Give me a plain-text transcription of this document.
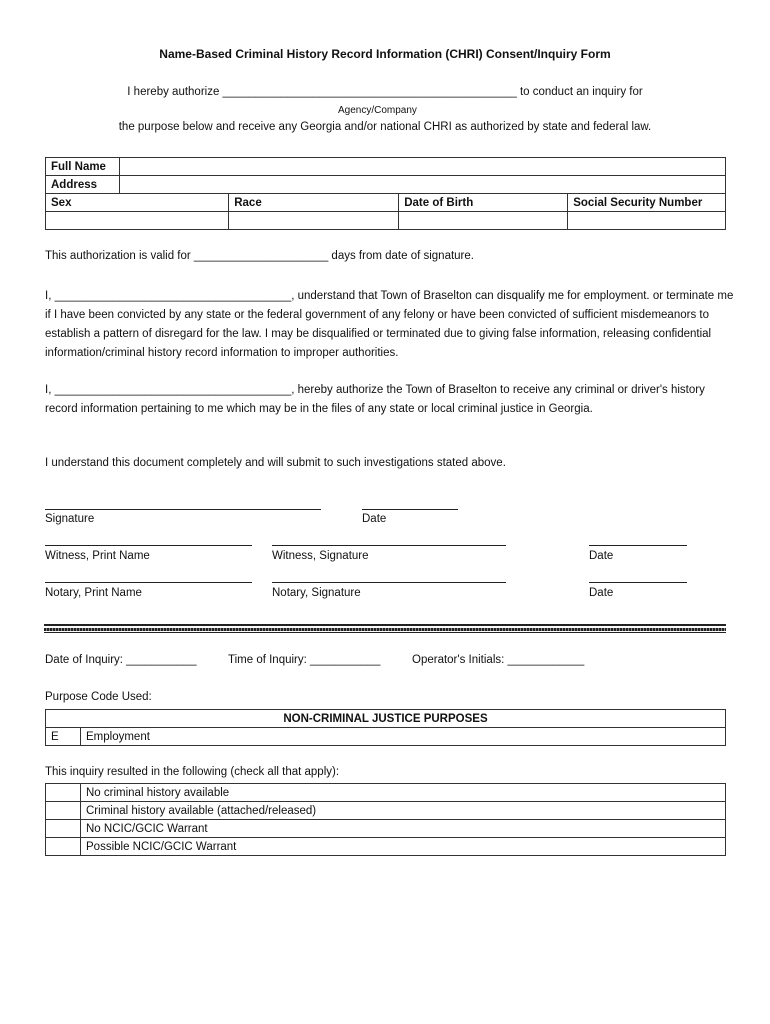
Name-Based Criminal History Record Information (CHRI) Consent/Inquiry Form
I hereby authorize ______________________________________________ to conduct an inquiry for
Agency/Company
the purpose below and receive any Georgia and/or national CHRI as authorized by state and federal law.
Full Name				
Address				
Sex		Race	Date of Birth	Social Security Number

This authorization is valid for _____________________ days from date of signature.
I, _____________________________________, understand that Town of Braselton can disqualify me for employment. or terminate me if I have been convicted by any state or the federal government of any felony or have been convicted of sufficient misdemeanors to establish a pattern of disregard for the law. I may be disqualified or terminated due to giving false information, releasing confidential information/criminal history record information to improper authorities.
I, _____________________________________, hereby authorize the Town of Braselton to receive any criminal or driver's history record information pertaining to me which may be in the files of any state or local criminal justice in Georgia.
I understand this document completely and will submit to such investigations stated above.
Signature	Date
Witness, Print Name	Witness, Signature	Date
Notary, Print Name	Notary, Signature	Date
Date of Inquiry: ___________	Time of Inquiry: ___________	Operator's Initials: ____________
Purpose Code Used:
NON-CRIMINAL JUSTICE PURPOSES
E	Employment
This inquiry resulted in the following (check all that apply):
	No criminal history available
	Criminal history available (attached/released)
	No NCIC/GCIC Warrant
	Possible NCIC/GCIC Warrant
